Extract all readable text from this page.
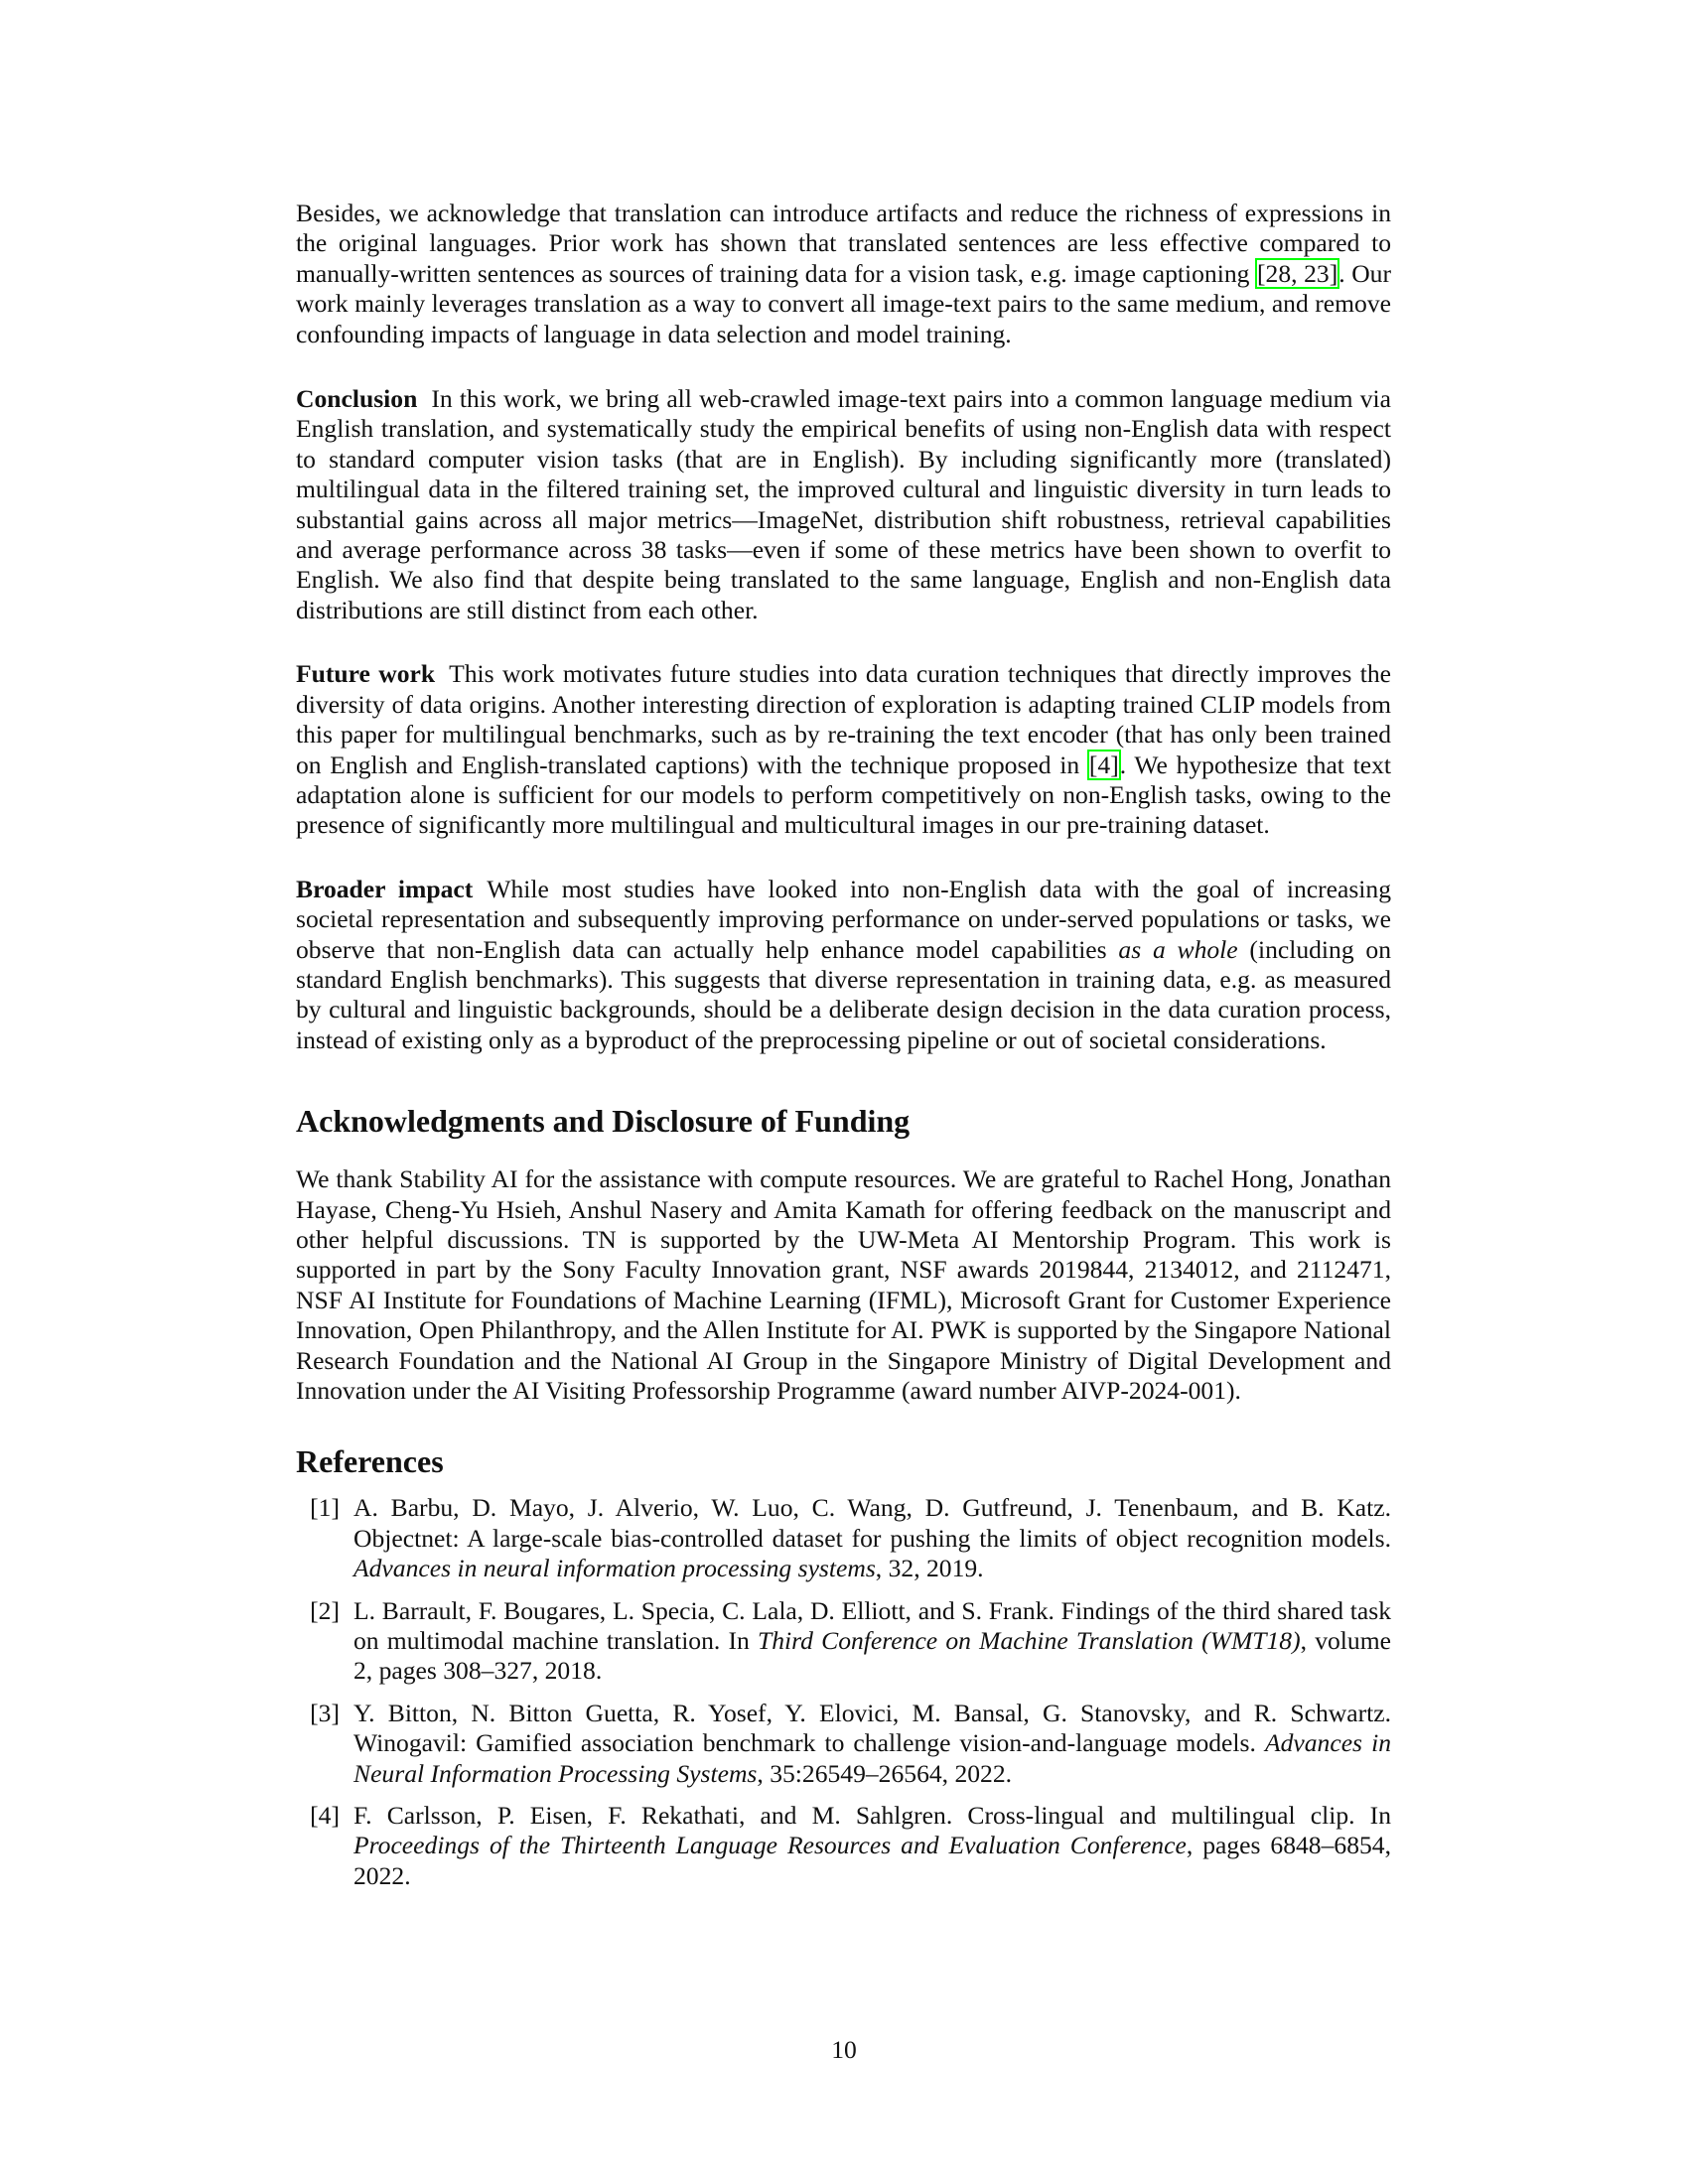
Besides, we acknowledge that translation can introduce artifacts and reduce the richness of expressions in the original languages. Prior work has shown that translated sentences are less effective compared to manually-written sentences as sources of training data for a vision task, e.g. image captioning [28, 23]. Our work mainly leverages translation as a way to convert all image-text pairs to the same medium, and remove confounding impacts of language in data selection and model training.

Conclusion In this work, we bring all web-crawled image-text pairs into a common language medium via English translation, and systematically study the empirical benefits of using non-English data with respect to standard computer vision tasks (that are in English). By including significantly more (translated) multilingual data in the filtered training set, the improved cultural and linguistic diversity in turn leads to substantial gains across all major metrics—ImageNet, distribution shift robustness, retrieval capabilities and average performance across 38 tasks—even if some of these metrics have been shown to overfit to English. We also find that despite being translated to the same language, English and non-English data distributions are still distinct from each other.

Future work This work motivates future studies into data curation techniques that directly improves the diversity of data origins. Another interesting direction of exploration is adapting trained CLIP models from this paper for multilingual benchmarks, such as by re-training the text encoder (that has only been trained on English and English-translated captions) with the technique proposed in [4]. We hypothesize that text adaptation alone is sufficient for our models to perform competitively on non-English tasks, owing to the presence of significantly more multilingual and multicultural images in our pre-training dataset.

Broader impact While most studies have looked into non-English data with the goal of increasing societal representation and subsequently improving performance on under-served populations or tasks, we observe that non-English data can actually help enhance model capabilities as a whole (including on standard English benchmarks). This suggests that diverse representation in training data, e.g. as measured by cultural and linguistic backgrounds, should be a deliberate design decision in the data curation process, instead of existing only as a byproduct of the preprocessing pipeline or out of societal considerations.

Acknowledgments and Disclosure of Funding

We thank Stability AI for the assistance with compute resources. We are grateful to Rachel Hong, Jonathan Hayase, Cheng-Yu Hsieh, Anshul Nasery and Amita Kamath for offering feedback on the manuscript and other helpful discussions. TN is supported by the UW-Meta AI Mentorship Program. This work is supported in part by the Sony Faculty Innovation grant, NSF awards 2019844, 2134012, and 2112471, NSF AI Institute for Foundations of Machine Learning (IFML), Microsoft Grant for Customer Experience Innovation, Open Philanthropy, and the Allen Institute for AI. PWK is supported by the Singapore National Research Foundation and the National AI Group in the Singapore Ministry of Digital Development and Innovation under the AI Visiting Professorship Programme (award number AIVP-2024-001).

References
[1] A. Barbu, D. Mayo, J. Alverio, W. Luo, C. Wang, D. Gutfreund, J. Tenenbaum, and B. Katz. Objectnet: A large-scale bias-controlled dataset for pushing the limits of object recognition models. Advances in neural information processing systems, 32, 2019.
[2] L. Barrault, F. Bougares, L. Specia, C. Lala, D. Elliott, and S. Frank. Findings of the third shared task on multimodal machine translation. In Third Conference on Machine Translation (WMT18), volume 2, pages 308–327, 2018.
[3] Y. Bitton, N. Bitton Guetta, R. Yosef, Y. Elovici, M. Bansal, G. Stanovsky, and R. Schwartz. Winogavil: Gamified association benchmark to challenge vision-and-language models. Advances in Neural Information Processing Systems, 35:26549–26564, 2022.
[4] F. Carlsson, P. Eisen, F. Rekathati, and M. Sahlgren. Cross-lingual and multilingual clip. In Proceedings of the Thirteenth Language Resources and Evaluation Conference, pages 6848–6854, 2022.
10
